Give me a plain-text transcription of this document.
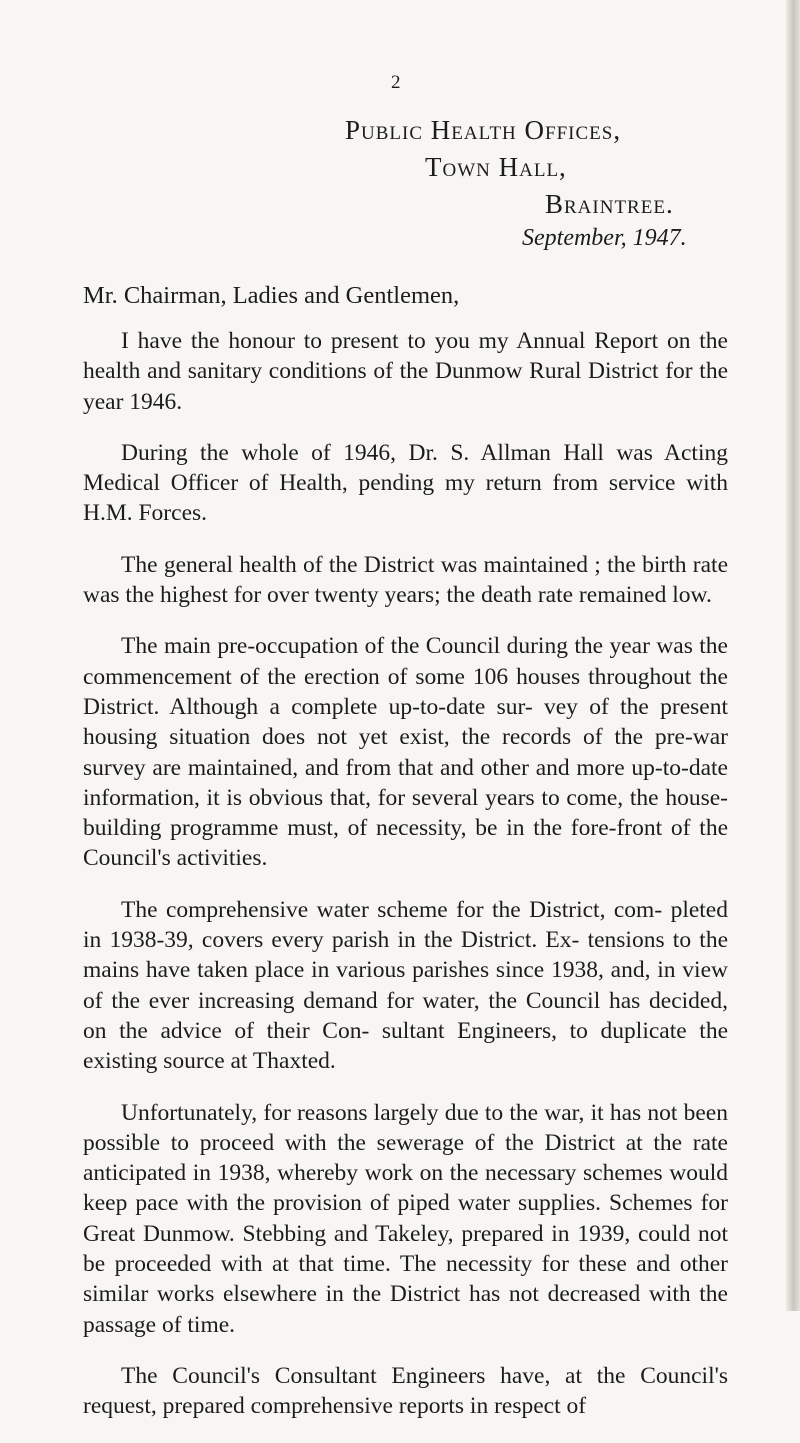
2
Public Health Offices,
Town Hall,
Braintree.
September, 1947.
Mr. Chairman, Ladies and Gentlemen,

I have the honour to present to you my Annual Report on the health and sanitary conditions of the Dunmow Rural District for the year 1946.

During the whole of 1946, Dr. S. Allman Hall was Acting Medical Officer of Health, pending my return from service with H.M. Forces.

The general health of the District was maintained ; the birth rate was the highest for over twenty years; the death rate remained low.

The main pre-occupation of the Council during the year was the commencement of the erection of some 106 houses throughout the District. Although a complete up-to-date sur- vey of the present housing situation does not yet exist, the records of the pre-war survey are maintained, and from that and other and more up-to-date information, it is obvious that, for several years to come, the house-building programme must, of necessity, be in the fore-front of the Council's activities.

The comprehensive water scheme for the District, com- pleted in 1938-39, covers every parish in the District. Ex- tensions to the mains have taken place in various parishes since 1938, and, in view of the ever increasing demand for water, the Council has decided, on the advice of their Con- sultant Engineers, to duplicate the existing source at Thaxted.

Unfortunately, for reasons largely due to the war, it has not been possible to proceed with the sewerage of the District at the rate anticipated in 1938, whereby work on the necessary schemes would keep pace with the provision of piped water supplies. Schemes for Great Dunmow. Stebbing and Takeley, prepared in 1939, could not be proceeded with at that time. The necessity for these and other similar works elsewhere in the District has not decreased with the passage of time.

The Council's Consultant Engineers have, at the Council's request, prepared comprehensive reports in respect of
